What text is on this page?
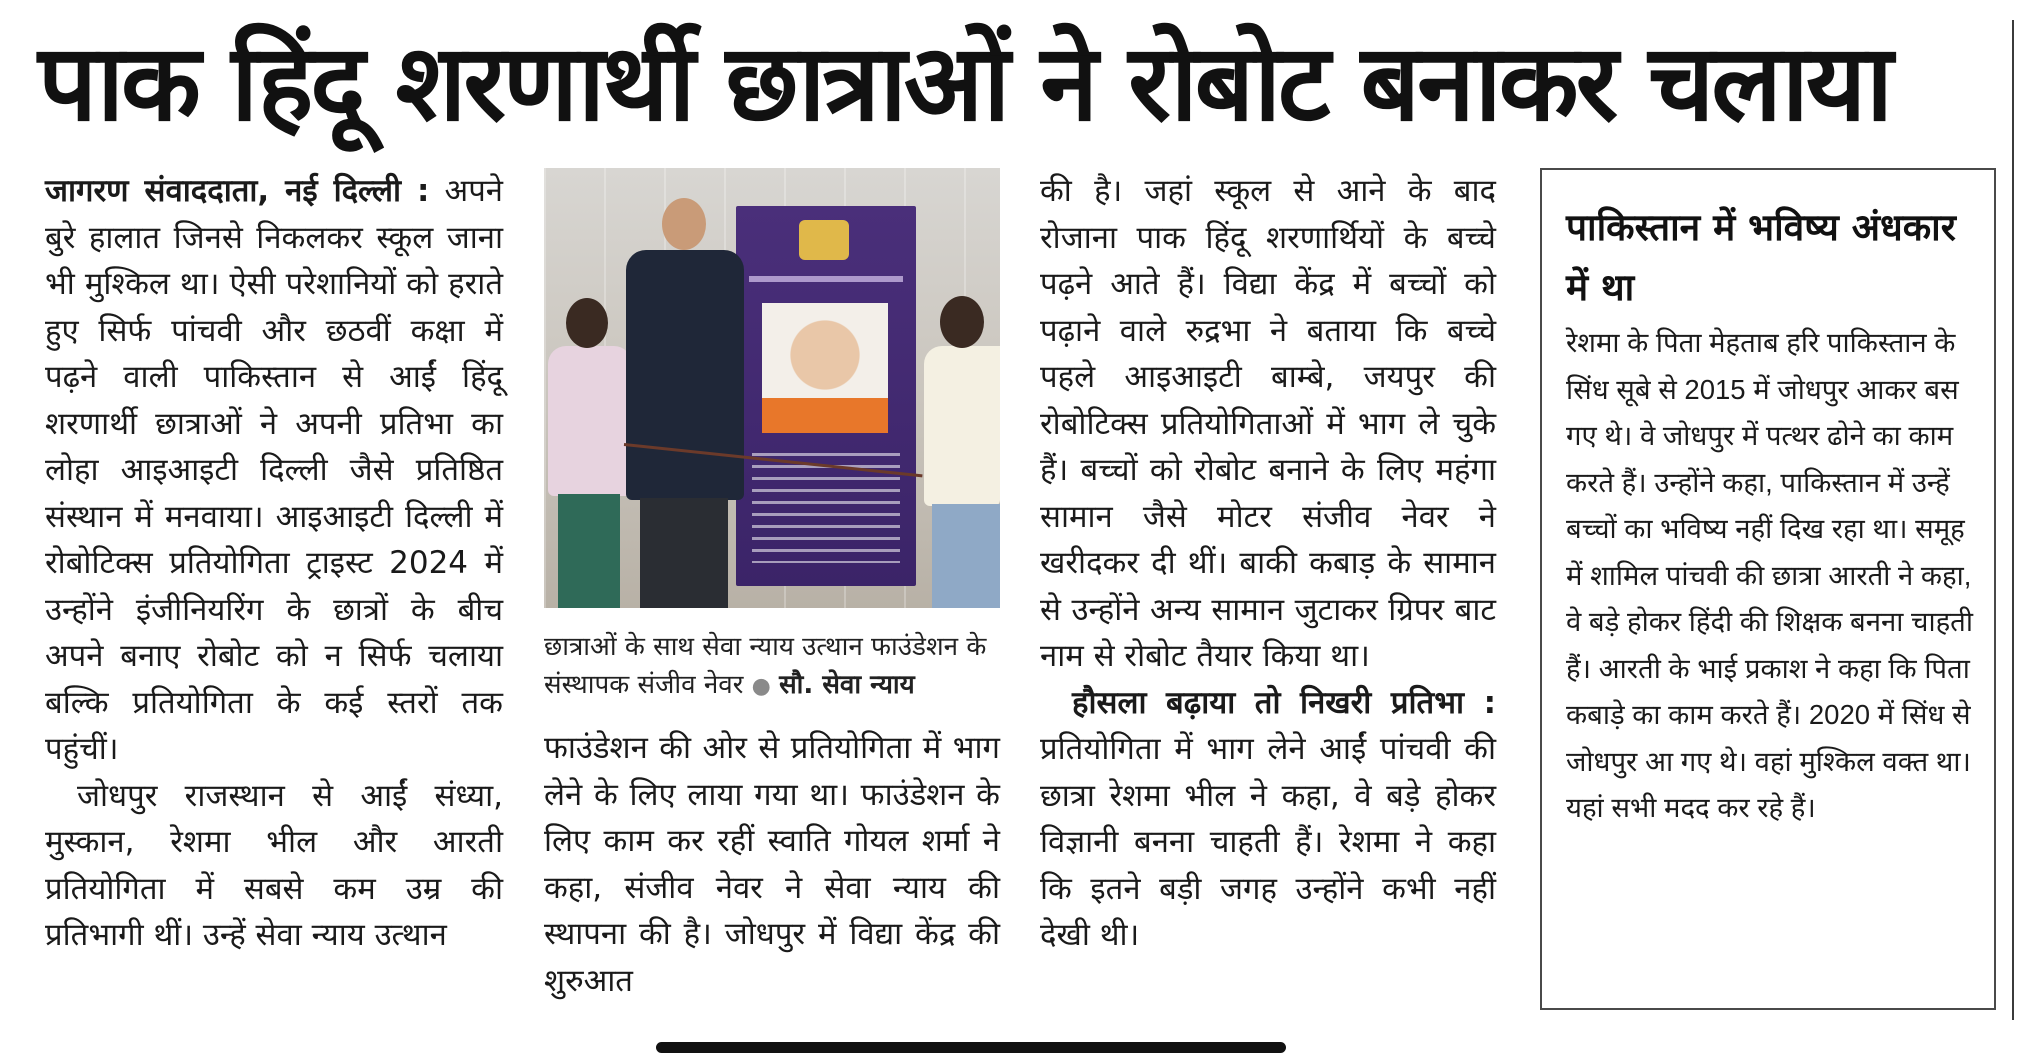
पाक हिंदू शरणार्थी छात्राओं ने रोबोट बनाकर चलाया

जागरण संवाददाता, नई दिल्ली : अपने बुरे हालात जिनसे निकलकर स्कूल जाना भी मुश्किल था। ऐसी परेशानियों को हराते हुए सिर्फ पांचवी और छठवीं कक्षा में पढ़ने वाली पाकिस्तान से आईं हिंदू शरणार्थी छात्राओं ने अपनी प्रतिभा का लोहा आइआइटी दिल्ली जैसे प्रतिष्ठित संस्थान में मनवाया। आइआइटी दिल्ली में रोबोटिक्स प्रतियोगिता ट्राइस्ट 2024 में उन्होंने इंजीनियरिंग के छात्रों के बीच अपने बनाए रोबोट को न सिर्फ चलाया बल्कि प्रतियोगिता के कई स्तरों तक पहुंचीं।

जोधपुर राजस्थान से आईं संध्या, मुस्कान, रेशमा भील और आरती प्रतियोगिता में सबसे कम उम्र की प्रतिभागी थीं। उन्हें सेवा न्याय उत्थान

छात्राओं के साथ सेवा न्याय उत्थान फाउंडेशन के संस्थापक संजीव नेवर ● सौ. सेवा न्याय

फाउंडेशन की ओर से प्रतियोगिता में भाग लेने के लिए लाया गया था। फाउंडेशन के लिए काम कर रहीं स्वाति गोयल शर्मा ने कहा, संजीव नेवर ने सेवा न्याय की स्थापना की है। जोधपुर में विद्या केंद्र की शुरुआत

की है। जहां स्कूल से आने के बाद रोजाना पाक हिंदू शरणार्थियों के बच्चे पढ़ने आते हैं। विद्या केंद्र में बच्चों को पढ़ाने वाले रुद्रभा ने बताया कि बच्चे पहले आइआइटी बाम्बे, जयपुर की रोबोटिक्स प्रतियोगिताओं में भाग ले चुके हैं। बच्चों को रोबोट बनाने के लिए महंगा सामान जैसे मोटर संजीव नेवर ने खरीदकर दी थीं। बाकी कबाड़ के सामान से उन्होंने अन्य सामान जुटाकर ग्रिपर बाट नाम से रोबोट तैयार किया था।

हौसला बढ़ाया तो निखरी प्रतिभा : प्रतियोगिता में भाग लेने आईं पांचवी की छात्रा रेशमा भील ने कहा, वे बड़े होकर विज्ञानी बनना चाहती हैं। रेशमा ने कहा कि इतने बड़ी जगह उन्होंने कभी नहीं देखी थी।

पाकिस्तान में भविष्य अंधकार में था

रेशमा के पिता मेहताब हरि पाकिस्तान के सिंध सूबे से 2015 में जोधपुर आकर बस गए थे। वे जोधपुर में पत्थर ढोने का काम करते हैं। उन्होंने कहा, पाकिस्तान में उन्हें बच्चों का भविष्य नहीं दिख रहा था। समूह में शामिल पांचवी की छात्रा आरती ने कहा, वे बड़े होकर हिंदी की शिक्षक बनना चाहती हैं। आरती के भाई प्रकाश ने कहा कि पिता कबाड़े का काम करते हैं। 2020 में सिंध से जोधपुर आ गए थे। वहां मुश्किल वक्त था। यहां सभी मदद कर रहे हैं।
